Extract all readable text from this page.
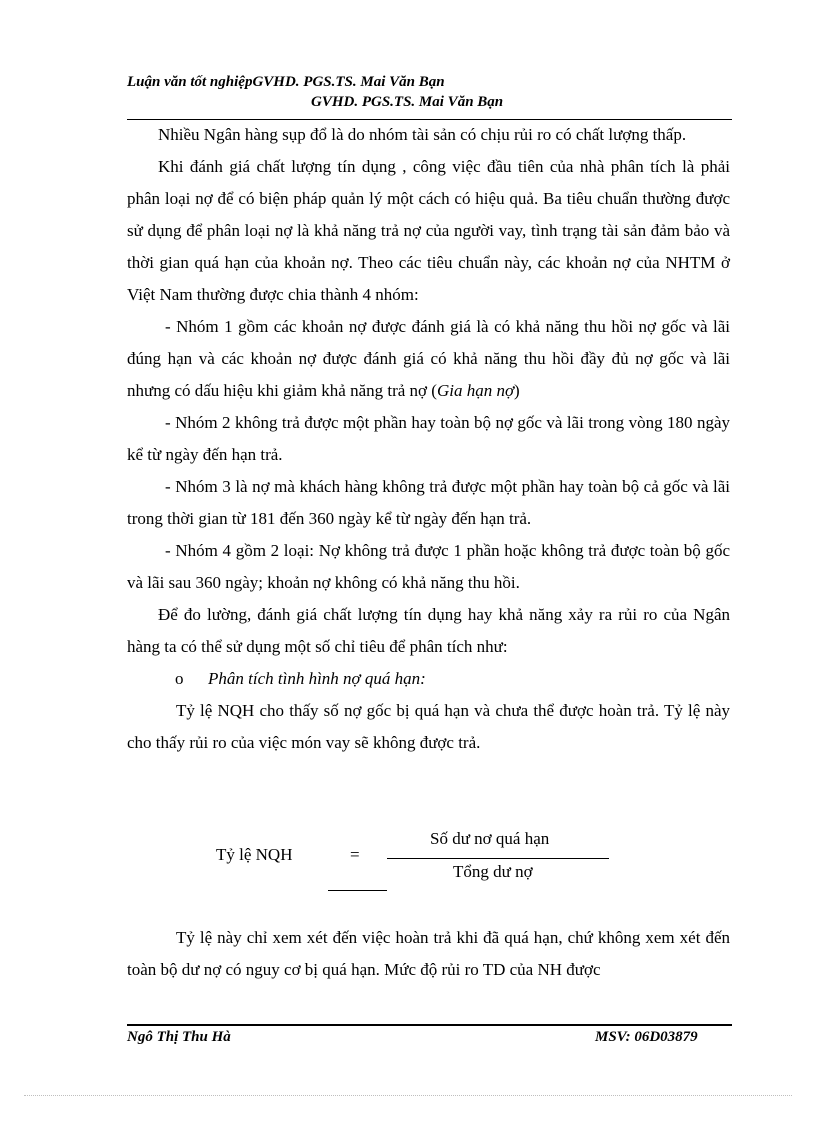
Luận văn tốt nghiệpGVHD. PGS.TS. Mai Văn Bạn
GVHD. PGS.TS. Mai Văn Bạn

Nhiều Ngân hàng sụp đổ là do nhóm tài sản có chịu rủi ro có chất lượng thấp.

Khi đánh giá chất lượng tín dụng , công việc đầu tiên của nhà phân tích là phải phân loại nợ để có biện pháp quản lý một cách có hiệu quả. Ba tiêu chuẩn thường được sử dụng để phân loại nợ là khả năng trả nợ của người vay, tình trạng tài sản đảm bảo và thời gian quá hạn của khoản nợ. Theo các tiêu chuẩn này, các khoản nợ của NHTM ở Việt Nam thường được chia thành 4 nhóm:

- Nhóm 1 gồm các khoản nợ được đánh giá là có khả năng thu hồi nợ gốc và lãi đúng hạn và các khoản nợ được đánh giá có khả năng thu hồi đầy đủ nợ gốc và lãi nhưng có dấu hiệu khi giảm khả năng trả nợ (Gia hạn nợ)

- Nhóm 2 không trả được một phần hay toàn bộ nợ gốc và lãi trong vòng 180 ngày kể từ ngày đến hạn trả.

- Nhóm 3 là nợ mà khách hàng không trả được một phần hay toàn bộ cả gốc và lãi trong thời gian từ 181 đến 360 ngày kể từ ngày đến hạn trả.

- Nhóm 4 gồm 2 loại: Nợ không trả được 1 phần hoặc không trả được toàn bộ gốc và lãi sau 360 ngày; khoản nợ không có khả năng thu hồi.

Để đo lường, đánh giá chất lượng tín dụng hay khả năng xảy ra rủi ro của Ngân hàng ta có thể sử dụng một số chỉ tiêu để phân tích như:

o Phân tích tình hình nợ quá hạn:

Tỷ lệ NQH cho thấy số nợ gốc bị quá hạn và chưa thể được hoàn trả. Tỷ lệ này cho thấy rủi ro của việc món vay sẽ không được trả.

Tỷ lệ NQH	=
Số dư nơ quá hạn
Tổng dư nợ

Tỷ lệ này chỉ xem xét đến việc hoàn trả khi đã quá hạn, chứ không xem xét đến toàn bộ dư nợ có nguy cơ bị quá hạn. Mức độ rủi ro TD của NH được

Ngô Thị Thu Hà	MSV: 06D03879
